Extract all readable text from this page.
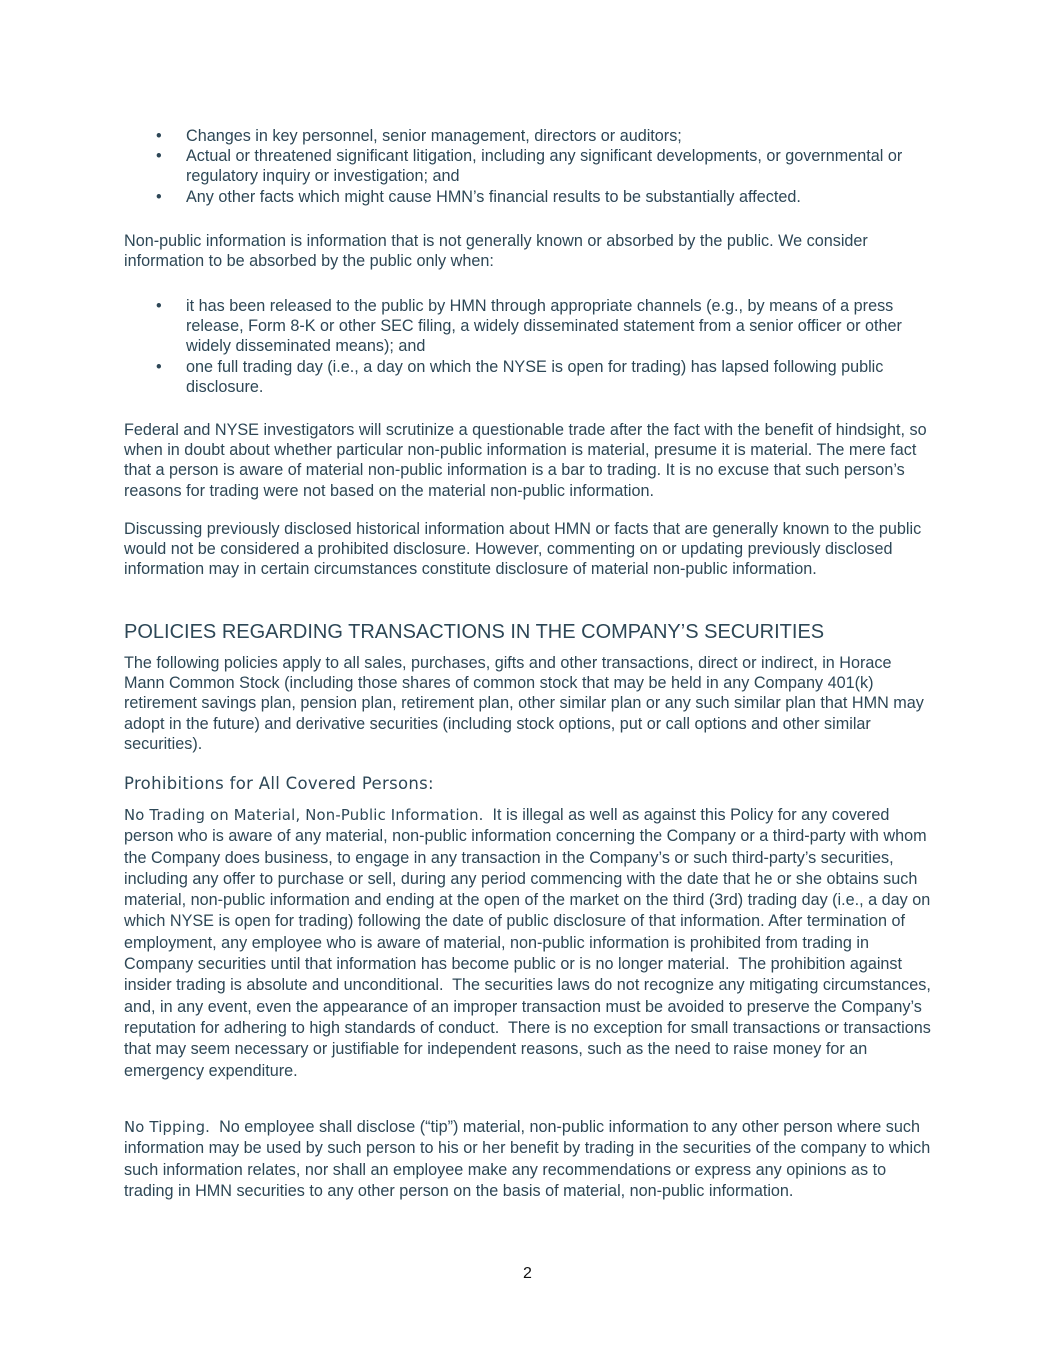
• Changes in key personnel, senior management, directors or auditors;
• Actual or threatened significant litigation, including any significant developments, or governmental or regulatory inquiry or investigation; and
• Any other facts which might cause HMN’s financial results to be substantially affected.

Non-public information is information that is not generally known or absorbed by the public. We consider information to be absorbed by the public only when:

• it has been released to the public by HMN through appropriate channels (e.g., by means of a press release, Form 8-K or other SEC filing, a widely disseminated statement from a senior officer or other widely disseminated means); and
• one full trading day (i.e., a day on which the NYSE is open for trading) has lapsed following public disclosure.

Federal and NYSE investigators will scrutinize a questionable trade after the fact with the benefit of hindsight, so when in doubt about whether particular non-public information is material, presume it is material. The mere fact that a person is aware of material non-public information is a bar to trading. It is no excuse that such person’s reasons for trading were not based on the material non-public information.

Discussing previously disclosed historical information about HMN or facts that are generally known to the public would not be considered a prohibited disclosure. However, commenting on or updating previously disclosed information may in certain circumstances constitute disclosure of material non-public information.

POLICIES REGARDING TRANSACTIONS IN THE COMPANY’S SECURITIES

The following policies apply to all sales, purchases, gifts and other transactions, direct or indirect, in Horace Mann Common Stock (including those shares of common stock that may be held in any Company 401(k) retirement savings plan, pension plan, retirement plan, other similar plan or any such similar plan that HMN may adopt in the future) and derivative securities (including stock options, put or call options and other similar securities).

Prohibitions for All Covered Persons:

No Trading on Material, Non-Public Information.  It is illegal as well as against this Policy for any covered person who is aware of any material, non-public information concerning the Company or a third-party with whom the Company does business, to engage in any transaction in the Company’s or such third-party’s securities, including any offer to purchase or sell, during any period commencing with the date that he or she obtains such material, non-public information and ending at the open of the market on the third (3rd) trading day (i.e., a day on which NYSE is open for trading) following the date of public disclosure of that information. After termination of employment, any employee who is aware of material, non-public information is prohibited from trading in Company securities until that information has become public or is no longer material.  The prohibition against insider trading is absolute and unconditional.  The securities laws do not recognize any mitigating circumstances, and, in any event, even the appearance of an improper transaction must be avoided to preserve the Company’s reputation for adhering to high standards of conduct.  There is no exception for small transactions or transactions that may seem necessary or justifiable for independent reasons, such as the need to raise money for an emergency expenditure.

No Tipping.  No employee shall disclose (“tip”) material, non-public information to any other person where such information may be used by such person to his or her benefit by trading in the securities of the company to which such information relates, nor shall an employee make any recommendations or express any opinions as to trading in HMN securities to any other person on the basis of material, non-public information.

2
